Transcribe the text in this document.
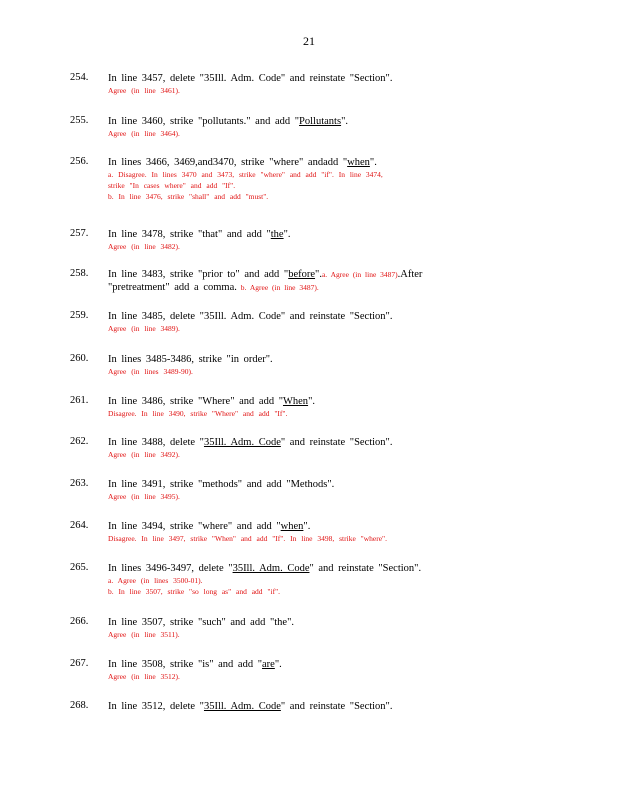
21
254.	In line 3457, delete "35Ill. Adm. Code" and reinstate "Section".
Agree (in line 3461).
255.	In line 3460, strike "pollutants." and add "Pollutants".
Agree (in line 3464).
256.	In lines 3466, 3469,and3470, strike "where" andadd "when".
a. Disagree. In lines 3470 and 3473, strike "where" and add "if". In line 3474,
strike "In cases where" and add "If".
b. In line 3476, strike "shall" and add "must".
257.	In line 3478, strike "that" and add "the".
Agree (in line 3482).
258.	In line 3483, strike "prior to" and add "before".a. Agree (in line 3487).After
"pretreatment" add a comma. b. Agree (in line 3487).
259.	In line 3485, delete "35Ill. Adm. Code" and reinstate "Section".
Agree (in line 3489).
260.	In lines 3485-3486, strike "in order".
Agree (in lines 3489-90).
261.	In line 3486, strike "Where" and add "When".
Disagree. In line 3490, strike "Where" and add "If".
262.	In line 3488, delete "35Ill. Adm. Code" and reinstate "Section".
Agree (in line 3492).
263.	In line 3491, strike "methods" and add "Methods".
Agree (in line 3495).
264.	In line 3494, strike "where" and add "when".
Disagree. In line 3497, strike "When" and add "If". In line 3498, strike "where".
265.	In lines 3496-3497, delete "35Ill. Adm. Code" and reinstate "Section".
a. Agree (in lines 3500-01).
b. In line 3507, strike "so long as" and add "if".
266.	In line 3507, strike "such" and add "the".
Agree (in line 3511).
267.	In line 3508, strike "is" and add "are".
Agree (in line 3512).
268.	In line 3512, delete "35Ill. Adm. Code" and reinstate "Section".
